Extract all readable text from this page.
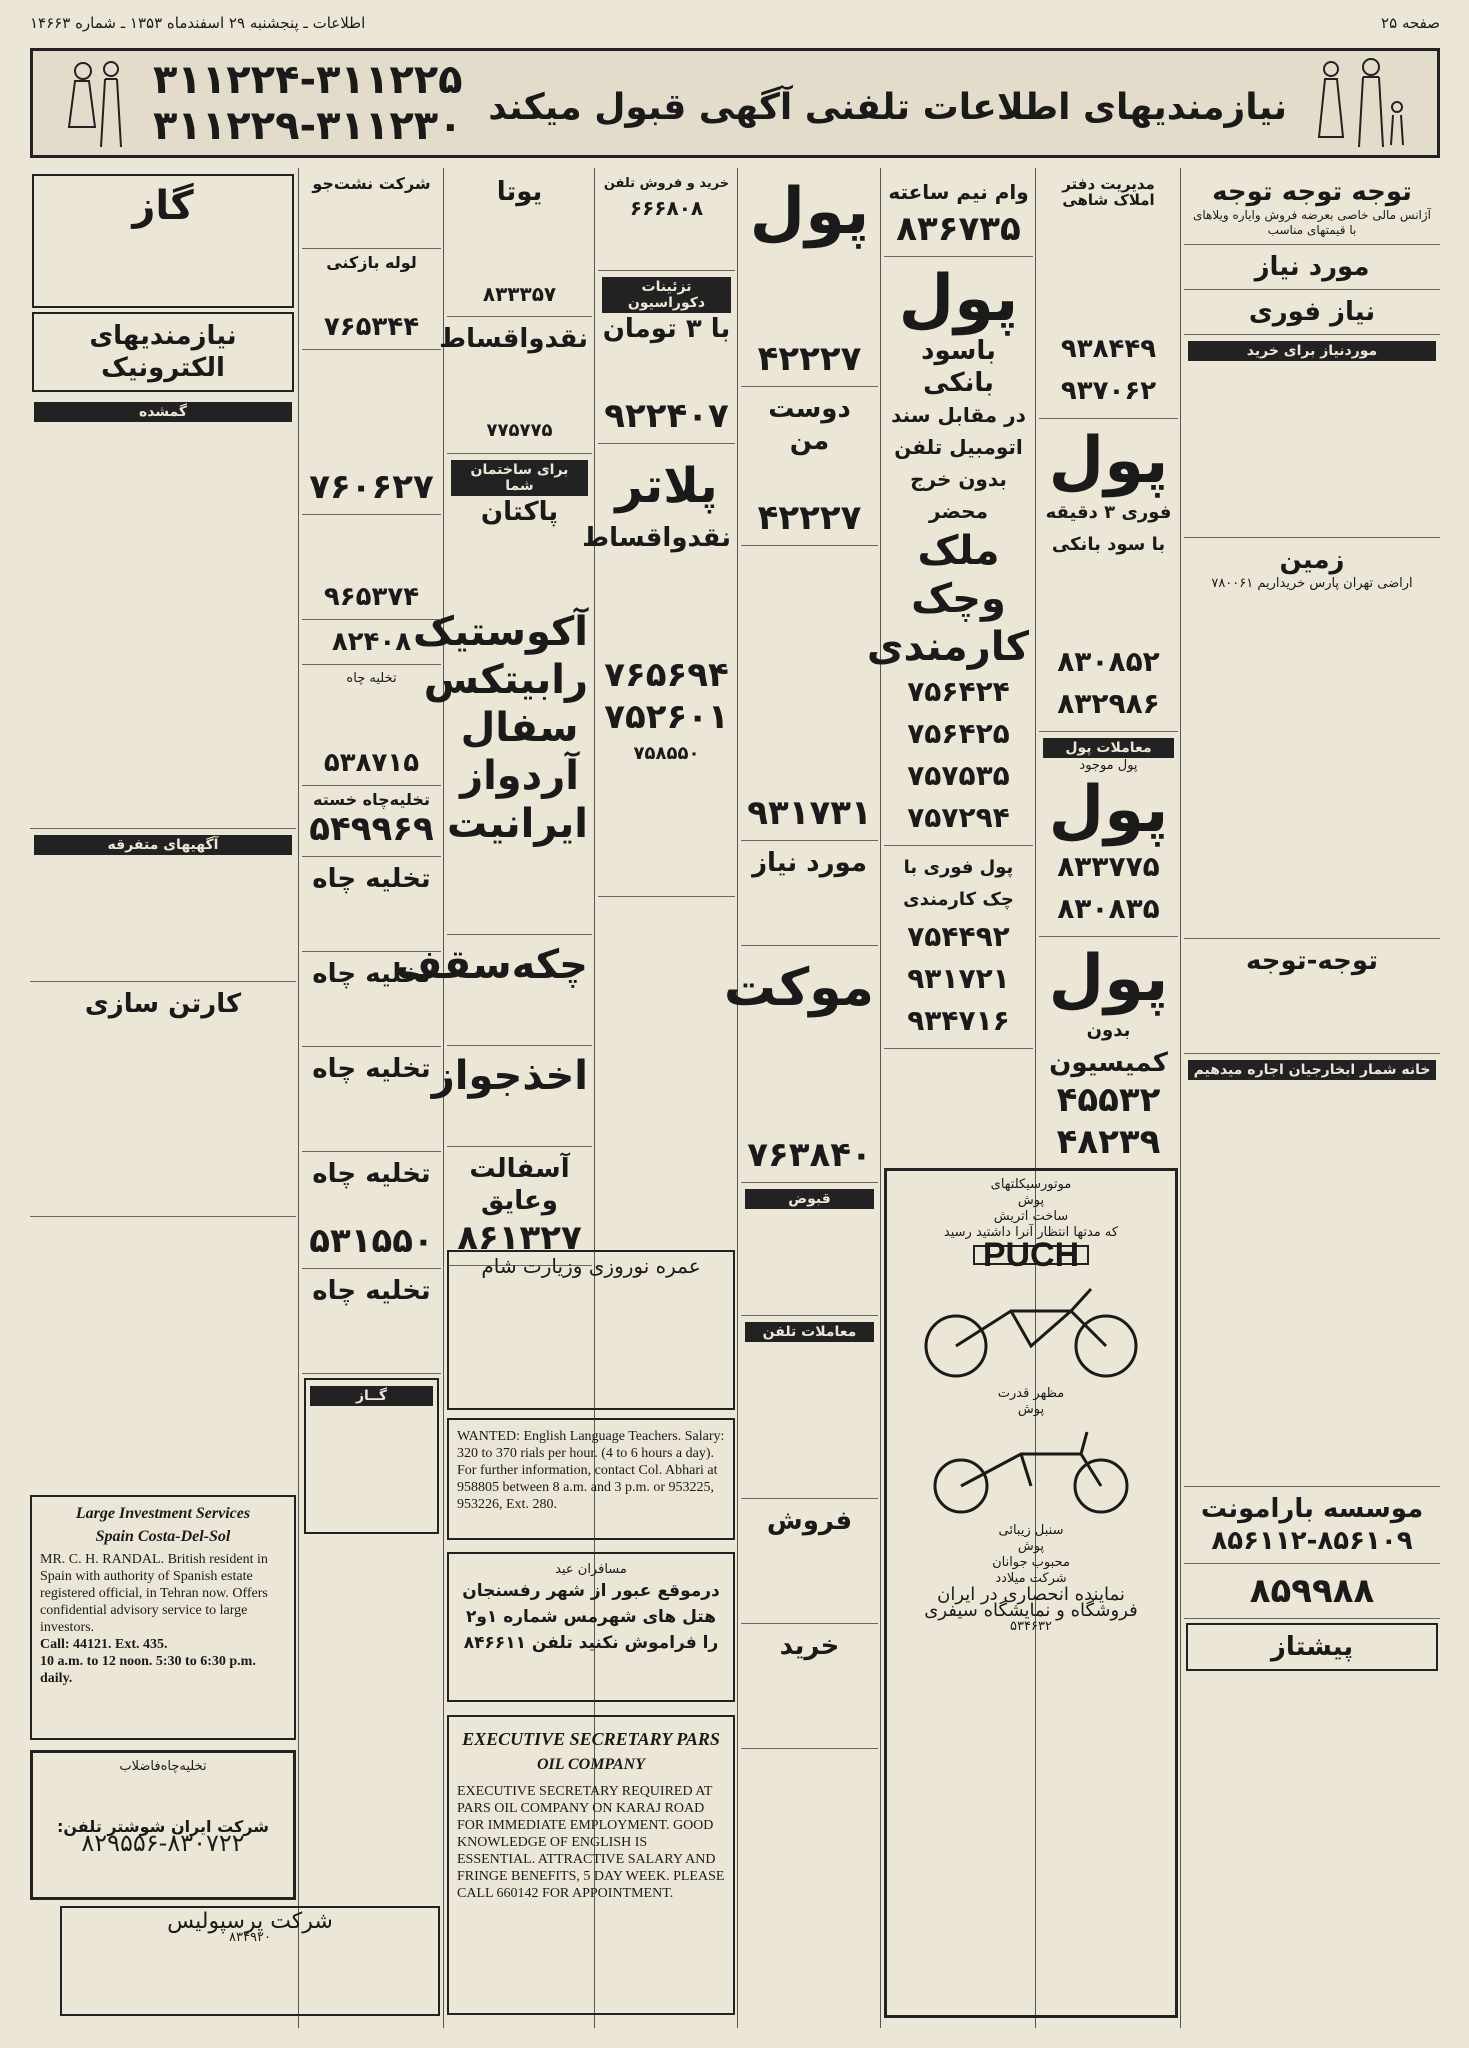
اطلاعات ـ پنجشنبه ۲۹ اسفندماه ۱۳۵۳ ـ شماره ۱۴۶۶۳	صفحه ۲۵
۳۱۱۲۲۴-۳۱۱۲۲۵
۳۱۱۲۲۹-۳۱۱۲۳۰ نیازمندیهای اطلاعات تلفنی آگهی قبول میکند
توجه توجه توجه
آژانس مالی خاصی بعرضه فروش وایاره ویلاهای با قیمتهای مناسب
مورد نیاز
نیاز فوری
موردنیاز برای خرید
زمین
اراضی تهران پارس خریداریم ۷۸۰۰۶۱
توجه-توجه
خانه شمار ابخارجیان اجاره میدهیم
موسسه بارامونت
۸۵۶۱۱۲-۸۵۶۱۰۹
۸۵۹۹۸۸
پیشتاز
مدیریت دفتر املاک شاهی
۹۳۸۴۴۹
۹۳۷۰۶۲
پول
فوری ۳ دقیقه
با سود بانکی
۸۳۰۸۵۲
۸۳۲۹۸۶
معاملات پول
پول موجود
پول
۸۳۳۷۷۵
۸۳۰۸۳۵
پول
بدون
کمیسیون
۴۵۵۳۲
۴۸۲۳۹
وام نیم ساعته
۸۳۶۷۳۵
پول
باسود بانکی
در مقابل سند
اتومبیل تلفن
بدون خرج محضر
ملک
وچک
کارمندی
۷۵۶۴۲۴
۷۵۶۴۲۵
۷۵۷۵۳۵
۷۵۷۲۹۴
پول فوری با چک کارمندی
۷۵۴۴۹۲
۹۳۱۷۲۱
۹۳۴۷۱۶
موتورسیکلتهای
پوش
ساخت اتریش
که مدتها انتظار آنرا داشتید رسید
PUCH
مظهر قدرت
پوش
سنبل زیبائی
پوش
محبوب جوانان
شرکت میلادد
نماینده انحصاری در ایران
فروشگاه و نمایشگاه سیفری
۵۳۴۶۳۲
پول
۴۲۲۲۷
دوست من
۴۲۲۲۷
۹۳۱۷۳۱
مورد نیاز
موکت
۷۶۳۸۴۰
قبوض
معاملات تلفن
فروش
خرید
خرید و فروش تلفن
۶۶۶۸۰۸
تزئینات دکوراسیون
با ۳ تومان
۹۲۲۴۰۷
پلاتر
نقدواقساط
۷۶۵۶۹۴
۷۵۲۶۰۱
۷۵۸۵۵۰
یوتا
۸۳۳۳۵۷
نقدواقساط
۷۷۵۷۷۵
برای ساختمان شما
پاکتان
آکوستیک
رابیتکس
سفال
آردواز
ایرانیت
چکه‌سقف
اخذجواز
آسفالت وعایق
۸۶۱۳۲۷
عمره نوروزی وزیارت شام
WANTED: English Language Teachers. Salary: 320 to 370 rials per hour. (4 to 6 hours a day). For further information, contact Col. Abhari at 958805 between 8 a.m. and 3 p.m. or 953225, 953226, Ext. 280.
مسافران عید
درموقع عبور از شهر رفسنجان هتل های شهرمس شماره ۱و۲ را فراموش نکنید تلفن ۸۴۶۶۱۱
EXECUTIVE SECRETARY PARS
OIL COMPANY
EXECUTIVE SECRETARY REQUIRED AT PARS OIL COMPANY ON KARAJ ROAD FOR IMMEDIATE EMPLOYMENT. GOOD KNOWLEDGE OF ENGLISH IS ESSENTIAL. ATTRACTIVE SALARY AND FRINGE BENEFITS, 5 DAY WEEK. PLEASE CALL 660142 FOR APPOINTMENT.
شرکت نشت‌جو
لوله بازکنی
۷۶۵۳۴۴
۷۶۰۶۲۷
۹۶۵۳۷۴
۸۲۴۰۸
تخلیه چاه
۵۳۸۷۱۵
تخلیه‌چاه خسته
۵۴۹۹۶۹
تخلیه چاه
تخلیه چاه
تخلیه چاه
تخلیه چاه
۵۳۱۵۵۰
تخلیه چاه
گــاز
گاز
نیازمندیهای الکترونیک
گمشده
آگهیهای متفرقه
کارتن سازی
Large Investment Services
Spain Costa-Del-Sol
MR. C. H. RANDAL. British resident in Spain with authority of Spanish estate registered official, in Tehran now. Offers confidential advisory service to large investors.
Call: 44121. Ext. 435.
10 a.m. to 12 noon. 5:30 to 6:30 p.m. daily.
تخلیه‌چاه‌فاضلاب
شرکت ایران شوشتر تلفن:
۸۲۹۵۵۶-۸۳۰۷۲۲
شرکت پرسپولیس
۸۳۴۹۲۰
